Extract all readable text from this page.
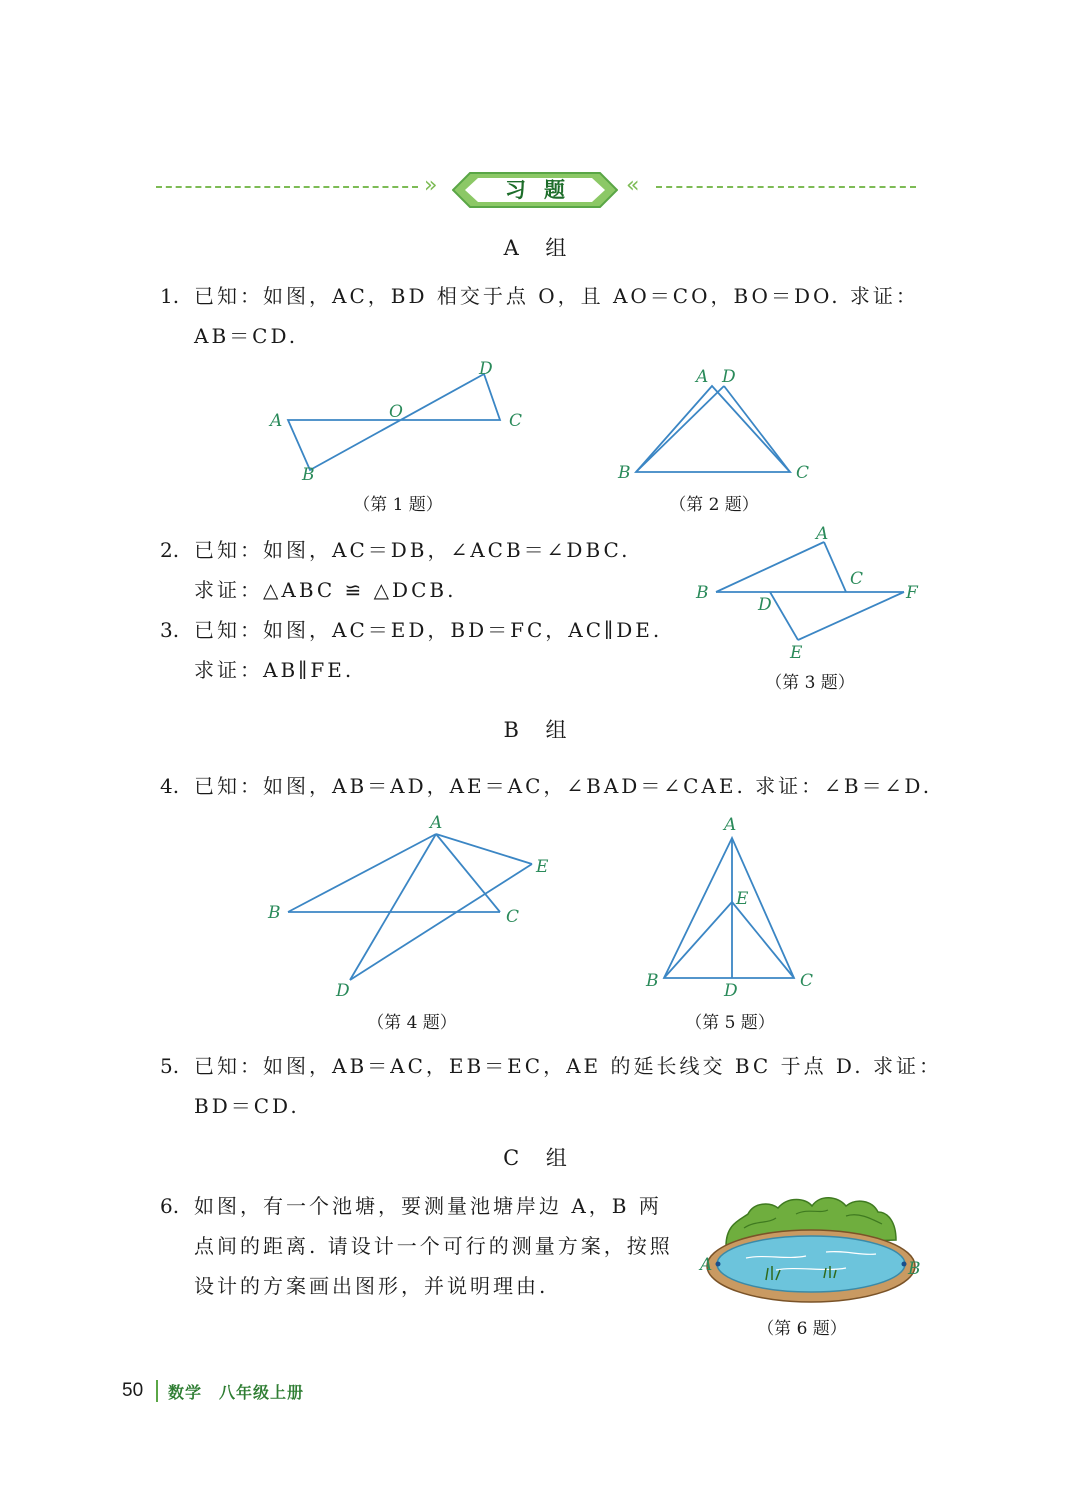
»	«
习题
A 组
1. 已知：如图，AC，BD 相交于点 O，且 AO＝CO，BO＝DO. 求证：
AB＝CD.
A
B
C
D
O
（第 1 题）
A D
B	C
（第 2 题）
2. 已知：如图，AC＝DB，∠ACB＝∠DBC.
求证：△ABC ≌ △DCB.
3. 已知：如图，AC＝ED，BD＝FC，AC∥DE.
求证：AB∥FE.
A
B
C
D
E
F
（第 3 题）
B 组
4. 已知：如图，AB＝AD，AE＝AC，∠BAD＝∠CAE. 求证：∠B＝∠D.
A
B	C
D
E
（第 4 题）
A
E
B	D	C
（第 5 题）
5. 已知：如图，AB＝AC，EB＝EC，AE 的延长线交 BC 于点 D. 求证：
BD＝CD.
C 组
6. 如图，有一个池塘，要测量池塘岸边 A，B 两
点间的距离. 请设计一个可行的测量方案，按照
设计的方案画出图形，并说明理由.
A	B
（第 6 题）
50 数学　八年级上册
